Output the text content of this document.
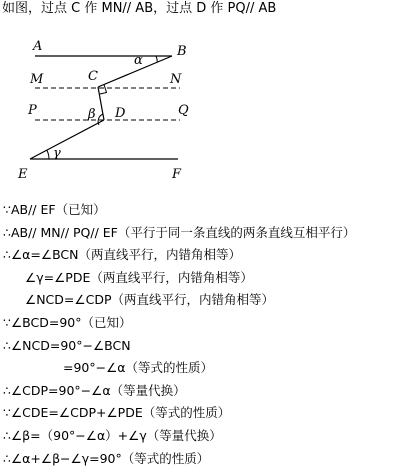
如图，过点 C 作 MN// AB，过点 D 作 PQ// AB
A	B
M	C	N
P	D	Q
E	F
α
β
γ
∵AB// EF（已知）
∴AB// MN// PQ// EF（平行于同一条直线的两条直线互相平行）
∴∠α=∠BCN（两直线平行，内错角相等）
∠γ=∠PDE（两直线平行，内错角相等）
∠NCD=∠CDP（两直线平行，内错角相等）
∵∠BCD=90°（已知）
∴∠NCD=90°−∠BCN
=90°−∠α（等式的性质）
∴∠CDP=90°−∠α（等量代换）
∵∠CDE=∠CDP+∠PDE（等式的性质）
∴∠β=（90°−∠α）+∠γ（等量代换）
∴∠α+∠β−∠γ=90°（等式的性质）
